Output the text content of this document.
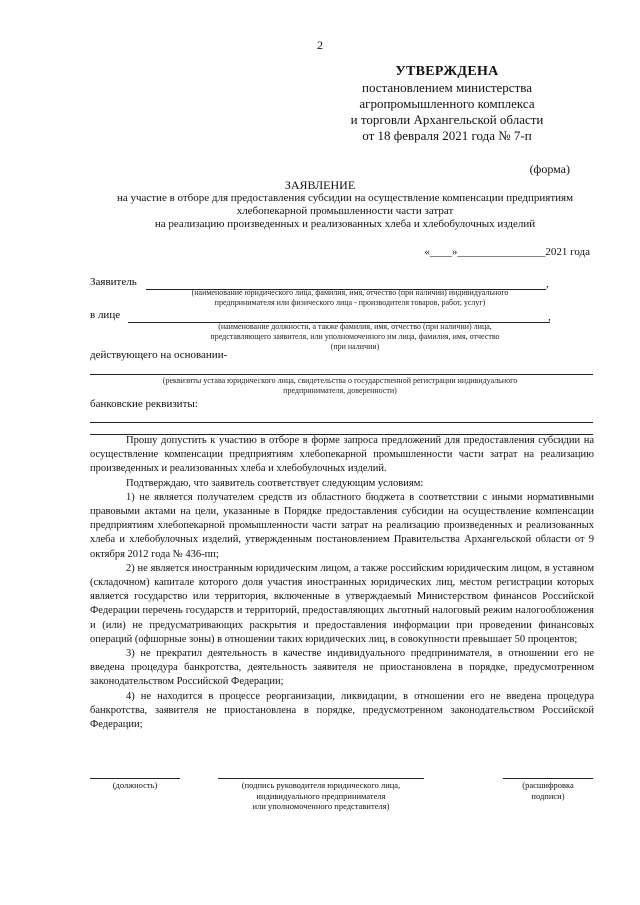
2
УТВЕРЖДЕНА
постановлением министерства
агропромышленного комплекса
и торговли Архангельской области
от 18 февраля 2021 года № 7-п
(форма)
ЗАЯВЛЕНИЕ
на участие в отборе для предоставления субсидии на осуществление компенсации предприятиям
хлебопекарной промышленности части затрат
на реализацию произведенных и реализованных хлеба и хлебобулочных изделий
«____»________________2021 года
Заявитель	,
(наименование юридического лица, фамилия, имя, отчество (при наличии) индивидуального
предпринимателя или физического лица - производителя товаров, работ, услуг)
в лице	,
(наименование должности, а также фамилия, имя, отчество (при наличии) лица,
представляющего заявителя, или уполномоченного им лица, фамилия, имя, отчество
(при наличии)
действующего на основании-
(реквизиты устава юридического лица, свидетельства о государственной регистрации индивидуального
предпринимателя, доверенности)
банковские реквизиты:

Прошу допустить к участию в отборе в форме запроса предложений для предоставления субсидии на осуществление компенсации предприятиям хлебопекарной промышленности части затрат на реализацию произведенных и реализованных хлеба и хлебобулочных изделий.

Подтверждаю, что заявитель соответствует следующим условиям:

1) не является получателем средств из областного бюджета в соответствии с иными нормативными правовыми актами на цели, указанные в Порядке предоставления субсидии на осуществление компенсации предприятиям хлебопекарной промышленности части затрат на реализацию произведенных и реализованных хлеба и хлебобулочных изделий, утвержденным постановлением Правительства Архангельской области от 9 октября 2012 года № 436-пп;

2) не является иностранным юридическим лицом, а также российским юридическим лицом, в уставном (складочном) капитале которого доля участия иностранных юридических лиц, местом регистрации которых является государство или территория, включенные в утверждаемый Министерством финансов Российской Федерации перечень государств и территорий, предоставляющих льготный налоговый режим налогообложения и (или) не предусматривающих раскрытия и предоставления информации при проведении финансовых операций (офшорные зоны) в отношении таких юридических лиц, в совокупности превышает 50 процентов;

3) не прекратил деятельность в качестве индивидуального предпринимателя, в отношении его не введена процедура банкротства, деятельность заявителя не приостановлена в порядке, предусмотренном законодательством Российской Федерации;

4) не находится в процессе реорганизации, ликвидации, в отношении его не введена процедура банкротства, заявителя не приостановлена в порядке, предусмотренном законодательством Российской Федерации;

(должность)	(подпись руководителя юридического лица,
индивидуального предпринимателя
или уполномоченного представителя)
(расшифровка
подписи)
